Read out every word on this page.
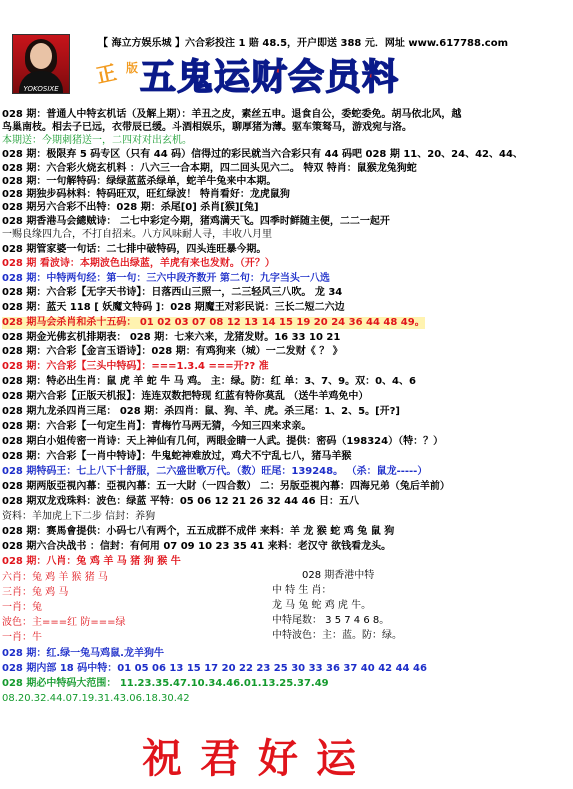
YOKOSIXE
【 海立方娱乐城 】六合彩投注 1 賠 48.5，开户即送 388 元．网址 www.617788.com
正 版 五鬼运财会员料
028 期：普通人中特玄机话（及解上期）：羊丑之皮，素丝五申。退食自公，委蛇委免。胡马依北风，越
鸟巢南枝。相去子已远，衣带辰已缓。斗酒相娱乐，聊厚猪为薄。驱车策驽马，游戏宛与洛。
本期送：今期刺猪送一，二四对对出玄机。
028 期：极限弃 5 码专区（只有 44 码）信得过的彩民就当六合彩只有 44 码吧 028 期 11、20、24、42、44、
028 期：六合彩火烧玄机料 ：八六三一合本期，四二回头见六二。 特双 特肖：鼠猴龙兔狗蛇
028 期：一句解特码：绿绿蓝蓝杀绿单，蛇羊牛兔来中本期。
028 期独步码林料：特码旺双，旺红绿波！ 特肖看好：龙虎鼠狗
028 期另六合彩不出特：028 期：杀尾[0] 杀肖[猴][兔]
028 期香港马会總贼诗： 二七中彩定今期，猪鸡满天飞。四季时鲜随主便，二二一起开
一赐良缘四九合，不打自招来。八方风味耐人寻，丰收八月里
028 期管家婆一句话：二七排中破特码，四头连旺暴今期。
028 期 看波诗：本期波色出绿蓝，羊虎有来也发财。（开？）
028 期：中特两句经：第一句：三六中段齐数开 第二句：九字当头一八选
028 期：六合彩【无字天书诗】：日落西山三照一，二三轻风三八吹。 龙 34
028 期：蓝天 118 [ 妖魔文特码 ]：028 期魔王对彩民说：三长二短二六边
028 期马会杀肖和杀十五码： 01 02 03 07 08 12 13 14 15 19 20 24 36 44 48 49。
028 期金光佛玄机排期表： 028 期：七来六来，龙猪发财。16 33 10 21
028 期：六合彩【金言玉语诗】：028 期：有鸡狗来（城）一二发财《 ？ 》
028 期：六合彩【三头中特码】：===1.3.4 ===开?? 准
028 期：特必出生肖：鼠 虎 羊 蛇 牛 马 鸡。 主：绿。防：红 单：3、7、9。双：0、4、6
028 期六合彩【正版天机报】：连连双数把特现 红蓝有特你莫乱 （送牛羊鸡免中）
028 期九龙杀四肖三尾： 028 期：杀四肖：鼠、狗、羊、虎。杀三尾：1、2、5。[开?]
028 期：六合彩【一句定生肖】：青梅竹马两无猜，今知三四来求亲。
028 期白小姐传密一肖诗：天上神仙有几何，两眼金睛一人武。提供：密码（198324）（特：？）
028 期：六合彩【一肖中特诗】：牛鬼蛇神难放过，鸡犬不宁乱七八，猪马羊猴
028 期特码王：七上八下十舒服，二六盛世歌万代。（数）旺尾：139248。 （杀：鼠龙-----）
028 期两版亞視內幕：亞視內幕：五一大財（一四合数） 二：另版亞視內幕：四海兄弟（兔后羊前）
028 期双龙戏珠料：波色：绿蓝 平特：05 06 12 21 26 32 44 46 日：五八
资料：羊加虎上下二步 信封：养狗
028 期：赛馬會提供：小码七八有两个，五五成群不成伴 来料：羊 龙 猴 蛇 鸡 兔 鼠 狗
028 期六合决战书 ：信封：有何用 07 09 10 23 35 41 来料：老汉守 欲钱看龙头。
028 期：八肖：兔 鸡 羊 马 猪 狗 猴 牛
六肖：兔 鸡 羊 猴 猪 马
三肖：兔 鸡 马
一肖：兔
波色：主===红 防===绿
一肖：牛
028 期香港中特
中 特 生 肖：
龙 马 兔 蛇 鸡 虎 牛。
中特尾数： 3 5 7 4 6 8。
中特波色：主：蓝。防：绿。
028 期：红.绿一兔马鸡鼠.龙羊狗牛
028 期内部 18 码中特：01 05 06 13 15 17 20 22 23 25 30 33 36 37 40 42 44 46
028 期必中特码大范围： 11.23.35.47.10.34.46.01.13.25.37.49
08.20.32.44.07.19.31.43.06.18.30.42
祝君好运
